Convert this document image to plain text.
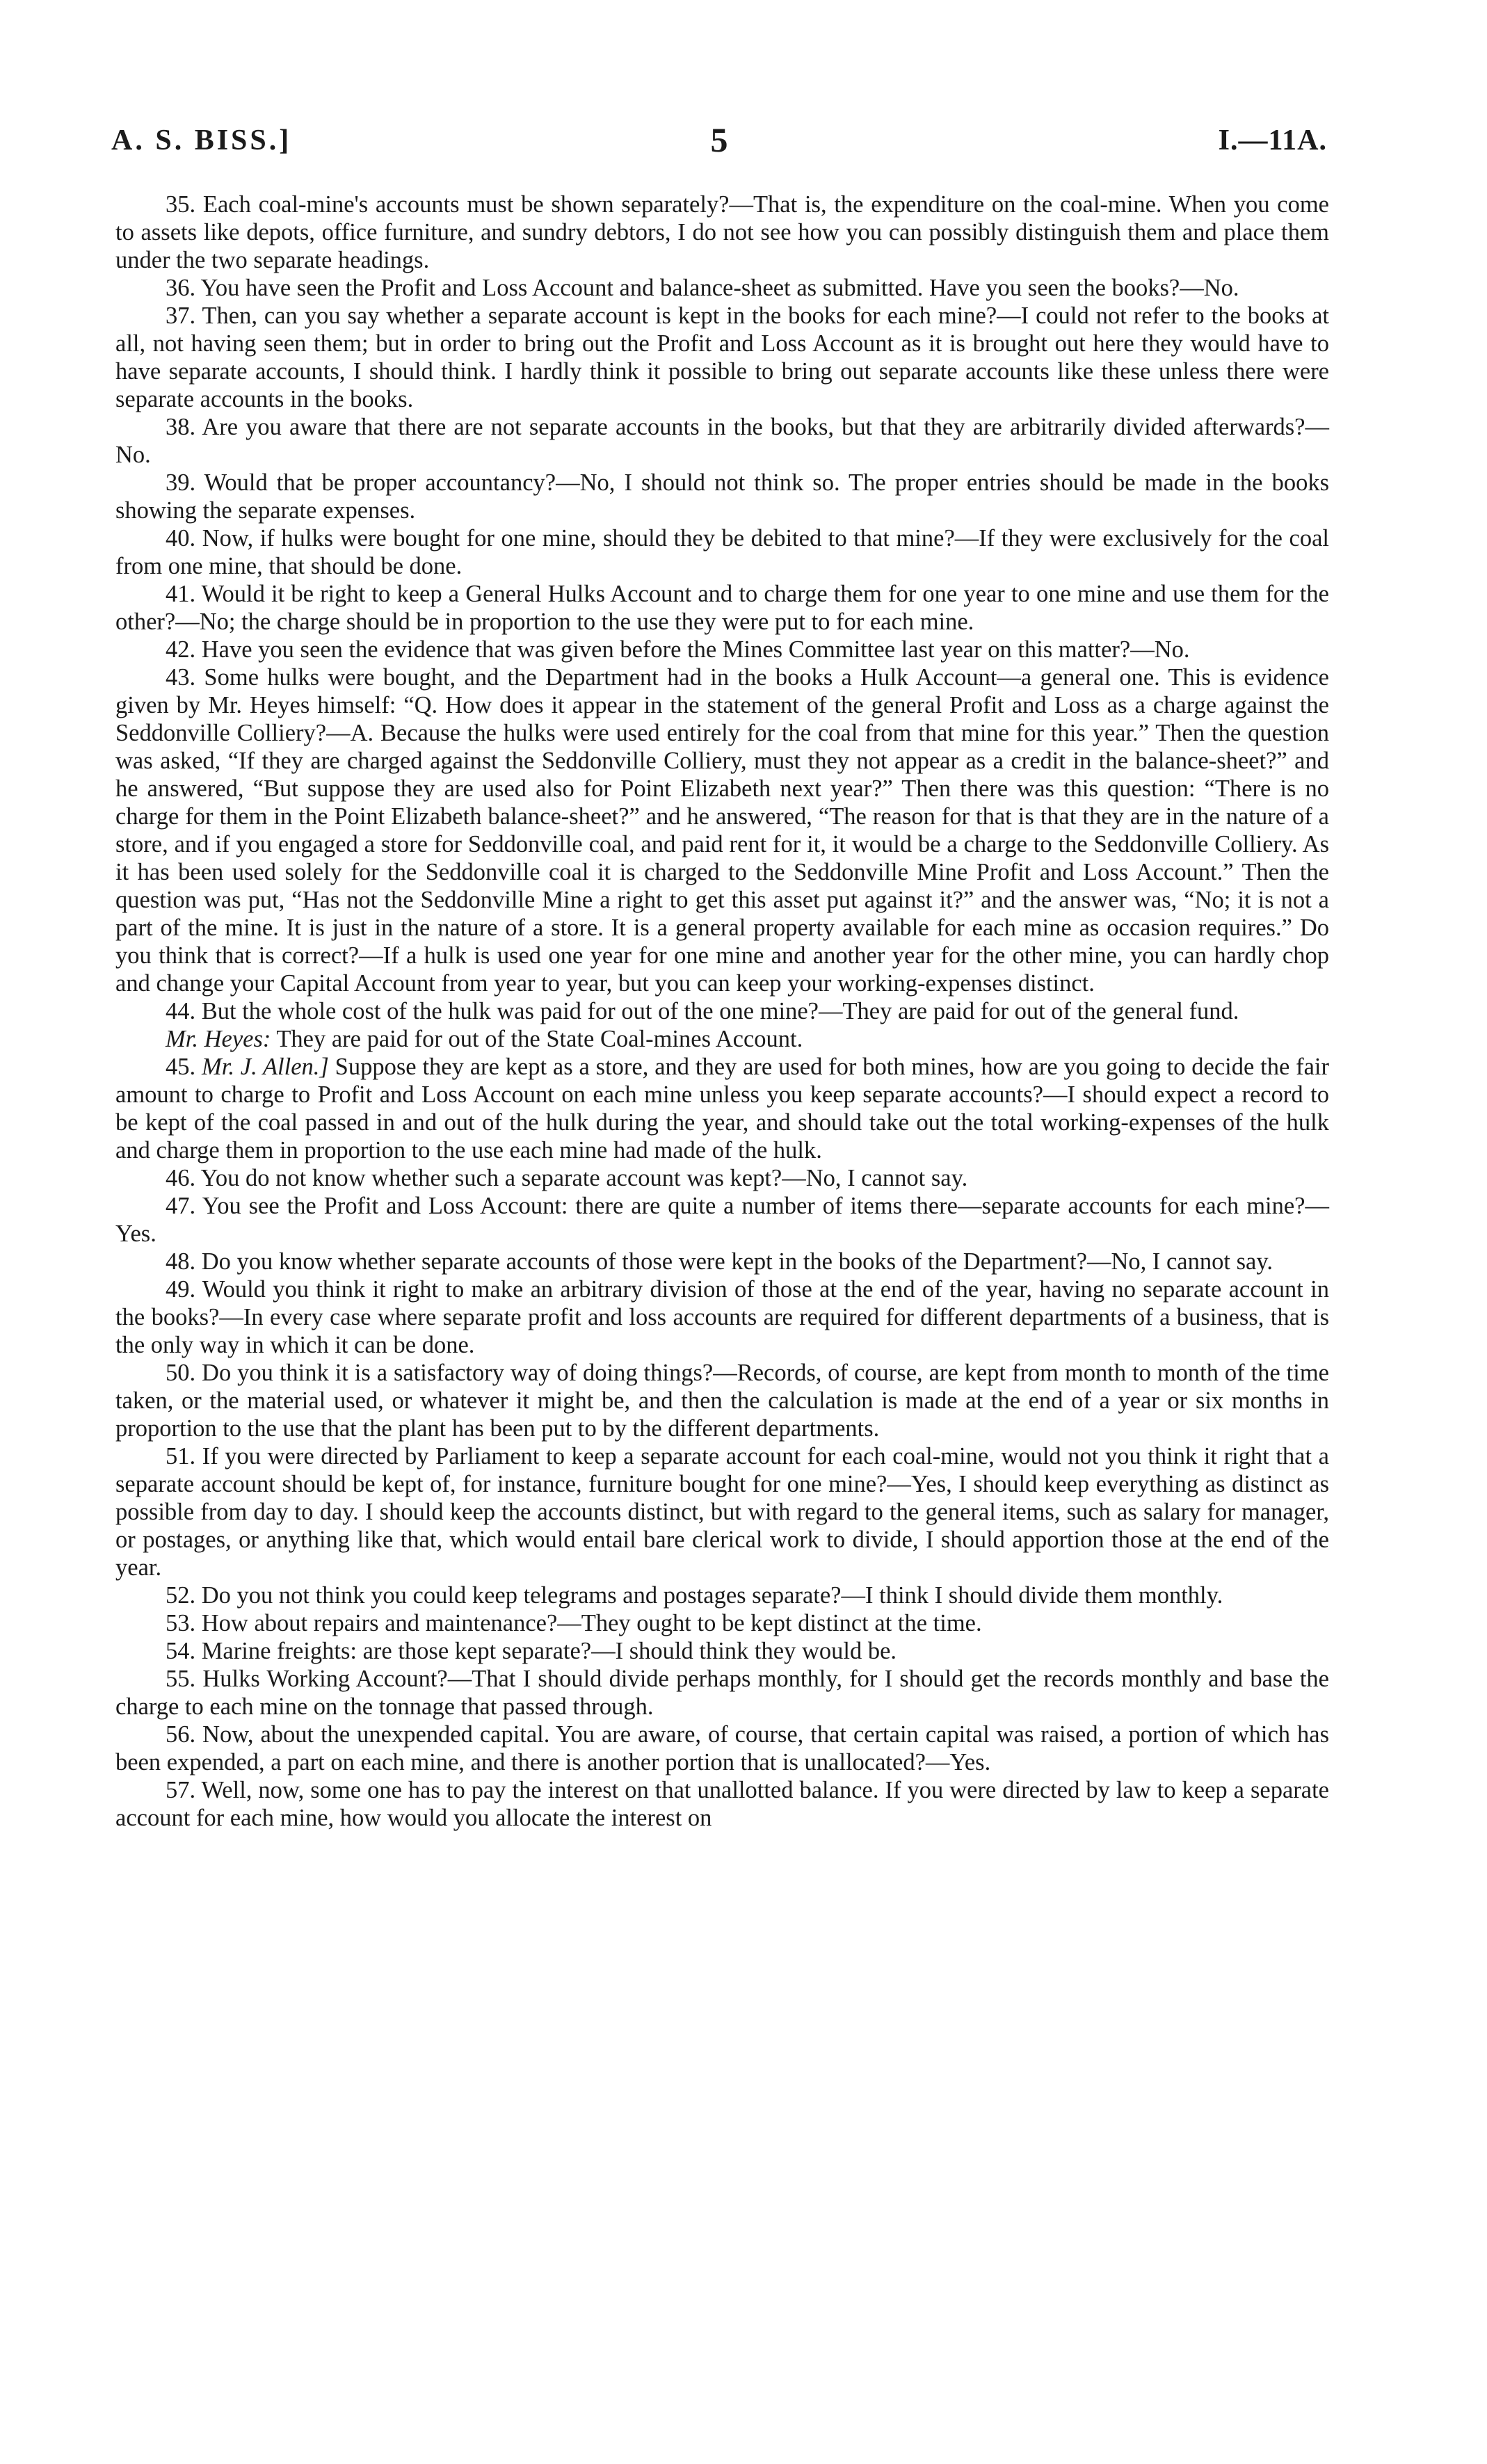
A. S. BISS.]	5	I.—11A.

35. Each coal-mine's accounts must be shown separately?—That is, the expenditure on the coal-mine. When you come to assets like depots, office furniture, and sundry debtors, I do not see how you can possibly distinguish them and place them under the two separate headings.

36. You have seen the Profit and Loss Account and balance-sheet as submitted. Have you seen the books?—No.

37. Then, can you say whether a separate account is kept in the books for each mine?—I could not refer to the books at all, not having seen them; but in order to bring out the Profit and Loss Account as it is brought out here they would have to have separate accounts, I should think. I hardly think it possible to bring out separate accounts like these unless there were separate accounts in the books.

38. Are you aware that there are not separate accounts in the books, but that they are arbitrarily divided afterwards?—No.

39. Would that be proper accountancy?—No, I should not think so. The proper entries should be made in the books showing the separate expenses.

40. Now, if hulks were bought for one mine, should they be debited to that mine?—If they were exclusively for the coal from one mine, that should be done.

41. Would it be right to keep a General Hulks Account and to charge them for one year to one mine and use them for the other?—No; the charge should be in proportion to the use they were put to for each mine.

42. Have you seen the evidence that was given before the Mines Committee last year on this matter?—No.

43. Some hulks were bought, and the Department had in the books a Hulk Account—a general one. This is evidence given by Mr. Heyes himself: “Q. How does it appear in the statement of the general Profit and Loss as a charge against the Seddonville Colliery?—A. Because the hulks were used entirely for the coal from that mine for this year.” Then the question was asked, “If they are charged against the Seddonville Colliery, must they not appear as a credit in the balance-sheet?” and he answered, “But suppose they are used also for Point Elizabeth next year?” Then there was this question: “There is no charge for them in the Point Elizabeth balance-sheet?” and he answered, “The reason for that is that they are in the nature of a store, and if you engaged a store for Seddonville coal, and paid rent for it, it would be a charge to the Seddonville Colliery. As it has been used solely for the Seddonville coal it is charged to the Seddonville Mine Profit and Loss Account.” Then the question was put, “Has not the Seddonville Mine a right to get this asset put against it?” and the answer was, “No; it is not a part of the mine. It is just in the nature of a store. It is a general property available for each mine as occasion requires.” Do you think that is correct?—If a hulk is used one year for one mine and another year for the other mine, you can hardly chop and change your Capital Account from year to year, but you can keep your working-expenses distinct.

44. But the whole cost of the hulk was paid for out of the one mine?—They are paid for out of the general fund.

Mr. Heyes: They are paid for out of the State Coal-mines Account.

45. Mr. J. Allen.] Suppose they are kept as a store, and they are used for both mines, how are you going to decide the fair amount to charge to Profit and Loss Account on each mine unless you keep separate accounts?—I should expect a record to be kept of the coal passed in and out of the hulk during the year, and should take out the total working-expenses of the hulk and charge them in proportion to the use each mine had made of the hulk.

46. You do not know whether such a separate account was kept?—No, I cannot say.

47. You see the Profit and Loss Account: there are quite a number of items there—separate accounts for each mine?—Yes.

48. Do you know whether separate accounts of those were kept in the books of the Department?—No, I cannot say.

49. Would you think it right to make an arbitrary division of those at the end of the year, having no separate account in the books?—In every case where separate profit and loss accounts are required for different departments of a business, that is the only way in which it can be done.

50. Do you think it is a satisfactory way of doing things?—Records, of course, are kept from month to month of the time taken, or the material used, or whatever it might be, and then the calculation is made at the end of a year or six months in proportion to the use that the plant has been put to by the different departments.

51. If you were directed by Parliament to keep a separate account for each coal-mine, would not you think it right that a separate account should be kept of, for instance, furniture bought for one mine?—Yes, I should keep everything as distinct as possible from day to day. I should keep the accounts distinct, but with regard to the general items, such as salary for manager, or postages, or anything like that, which would entail bare clerical work to divide, I should apportion those at the end of the year.

52. Do you not think you could keep telegrams and postages separate?—I think I should divide them monthly.

53. How about repairs and maintenance?—They ought to be kept distinct at the time.

54. Marine freights: are those kept separate?—I should think they would be.

55. Hulks Working Account?—That I should divide perhaps monthly, for I should get the records monthly and base the charge to each mine on the tonnage that passed through.

56. Now, about the unexpended capital. You are aware, of course, that certain capital was raised, a portion of which has been expended, a part on each mine, and there is another portion that is unallocated?—Yes.

57. Well, now, some one has to pay the interest on that unallotted balance. If you were directed by law to keep a separate account for each mine, how would you allocate the interest on
